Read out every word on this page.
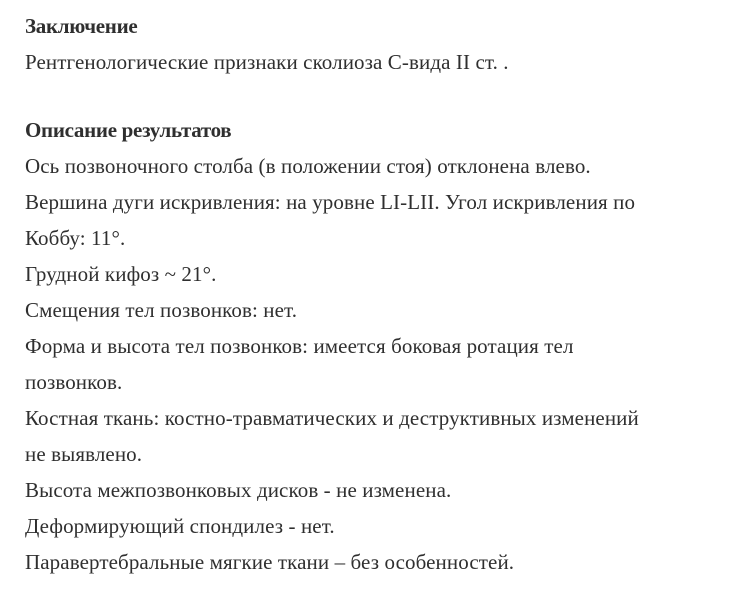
Заключение
Рентгенологические признаки сколиоза С-вида II ст. .
Описание результатов
Ось позвоночного столба (в положении стоя) отклонена влево.
Вершина дуги искривления: на уровне LI-LII. Угол искривления по
Коббу: 11°.
Грудной кифоз ~ 21°.
Смещения тел позвонков: нет.
Форма и высота тел позвонков: имеется боковая ротация тел
позвонков.
Костная ткань: костно-травматических и деструктивных изменений
не выявлено.
Высота межпозвонковых дисков - не изменена.
Деформирующий спондилез - нет.
Паравертебральные мягкие ткани – без особенностей.
